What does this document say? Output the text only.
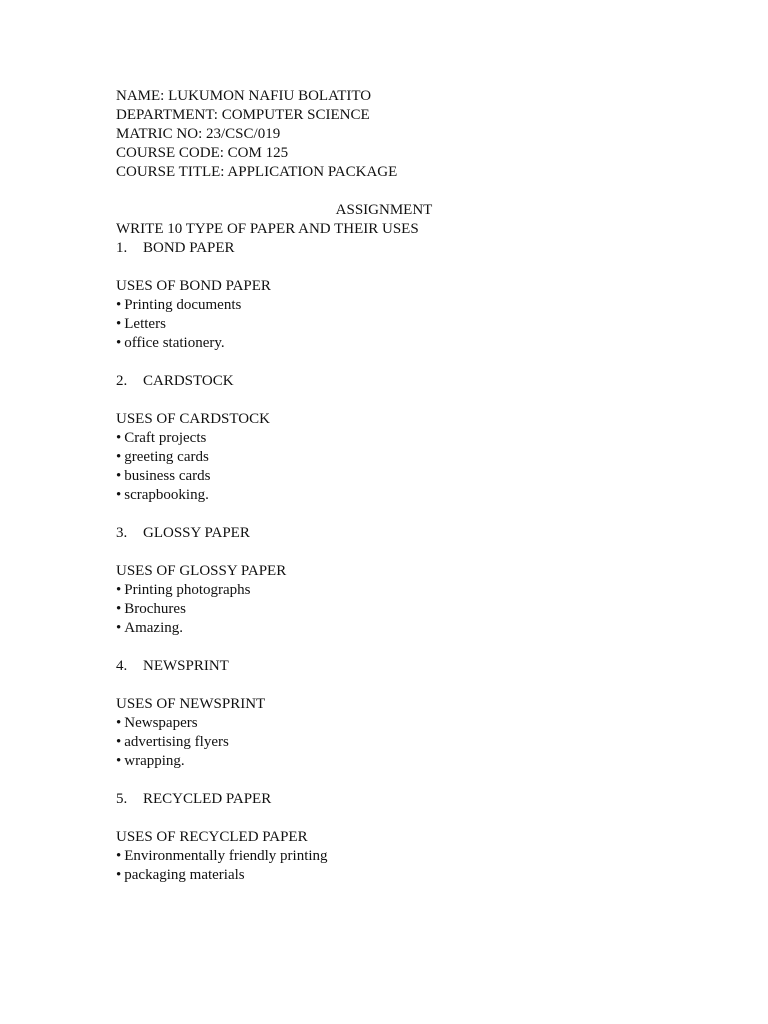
NAME: LUKUMON NAFIU BOLATITO
DEPARTMENT: COMPUTER SCIENCE
MATRIC NO: 23/CSC/019
COURSE CODE: COM 125
COURSE TITLE: APPLICATION PACKAGE
ASSIGNMENT
WRITE 10 TYPE OF PAPER AND THEIR USES
1. BOND PAPER
USES OF BOND PAPER
• Printing documents
• Letters
• office stationery.
2. CARDSTOCK
USES OF CARDSTOCK
• Craft projects
• greeting cards
• business cards
• scrapbooking.
3. GLOSSY PAPER
USES OF GLOSSY PAPER
• Printing photographs
• Brochures
• Amazing.
4. NEWSPRINT
USES OF NEWSPRINT
• Newspapers
• advertising flyers
• wrapping.
5. RECYCLED PAPER
USES OF RECYCLED PAPER
• Environmentally friendly printing
• packaging materials
